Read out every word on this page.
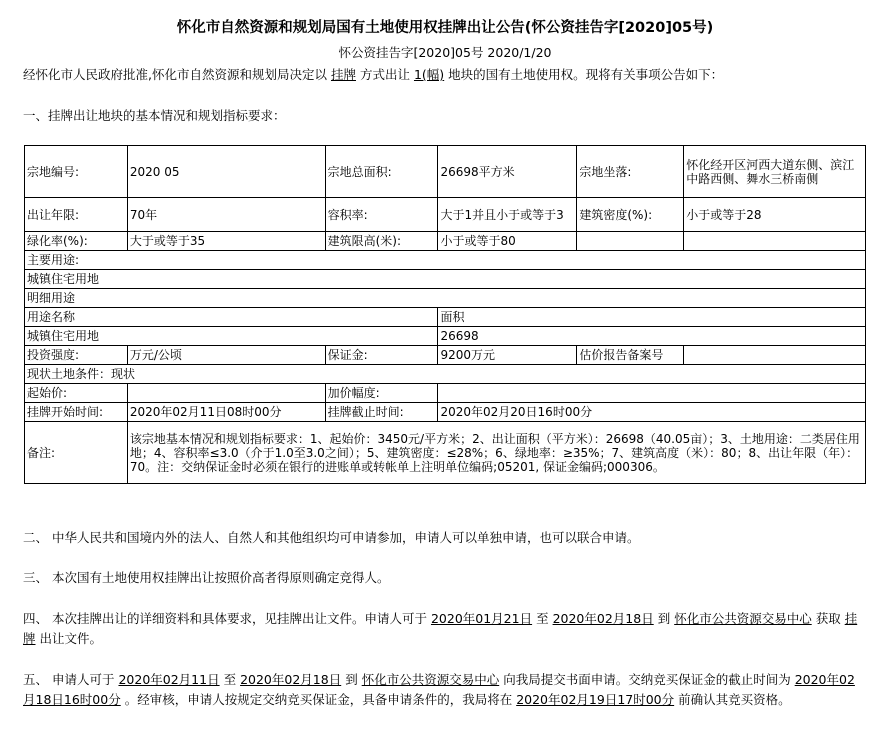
怀化市自然资源和规划局国有土地使用权挂牌出让公告(怀公资挂告字[2020]05号)
怀公资挂告字[2020]05号 2020/1/20
经怀化市人民政府批准,怀化市自然资源和规划局决定以 挂牌 方式出让 1(幅) 地块的国有土地使用权。现将有关事项公告如下：
一、挂牌出让地块的基本情况和规划指标要求：
宗地编号:	2020 05	宗地总面积:	26698平方米	宗地坐落:	怀化经开区河西大道东侧、滨江中路西侧、舞水三桥南侧
出让年限:	70年	容积率:	大于1并且小于或等于3	建筑密度(%):	小于或等于28
绿化率(%):	大于或等于35	建筑限高(米):	小于或等于80		
主要用途:					
城镇住宅用地					
明细用途					
用途名称			面积		
城镇住宅用地			26698		
投资强度:	万元/公顷	保证金:	9200万元	估价报告备案号	
现状土地条件：现状					
起始价:		加价幅度:			
挂牌开始时间:	2020年02月11日08时00分	挂牌截止时间:	2020年02月20日16时00分		
备注:	该宗地基本情况和规划指标要求：1、起始价：3450元/平方米；2、出让面积（平方米）：26698（40.05亩）；3、土地用途：二类居住用地；4、容积率≤3.0（介于1.0至3.0之间）；5、建筑密度：≤28%；6、绿地率：≥35%；7、建筑高度（米）：80；8、出让年限（年）：70。注：交纳保证金时必须在银行的进账单或转帐单上注明单位编码;05201, 保证金编码;000306。				
二、 中华人民共和国境内外的法人、自然人和其他组织均可申请参加，申请人可以单独申请，也可以联合申请。
三、 本次国有土地使用权挂牌出让按照价高者得原则确定竞得人。
四、 本次挂牌出让的详细资料和具体要求，见挂牌出让文件。申请人可于 2020年01月21日 至 2020年02月18日 到 怀化市公共资源交易中心 获取 挂牌 出让文件。
五、 申请人可于 2020年02月11日 至 2020年02月18日 到 怀化市公共资源交易中心 向我局提交书面申请。交纳竞买保证金的截止时间为 2020年02月18日16时00分 。经审核，申请人按规定交纳竞买保证金，具备申请条件的，我局将在 2020年02月19日17时00分 前确认其竞买资格。
